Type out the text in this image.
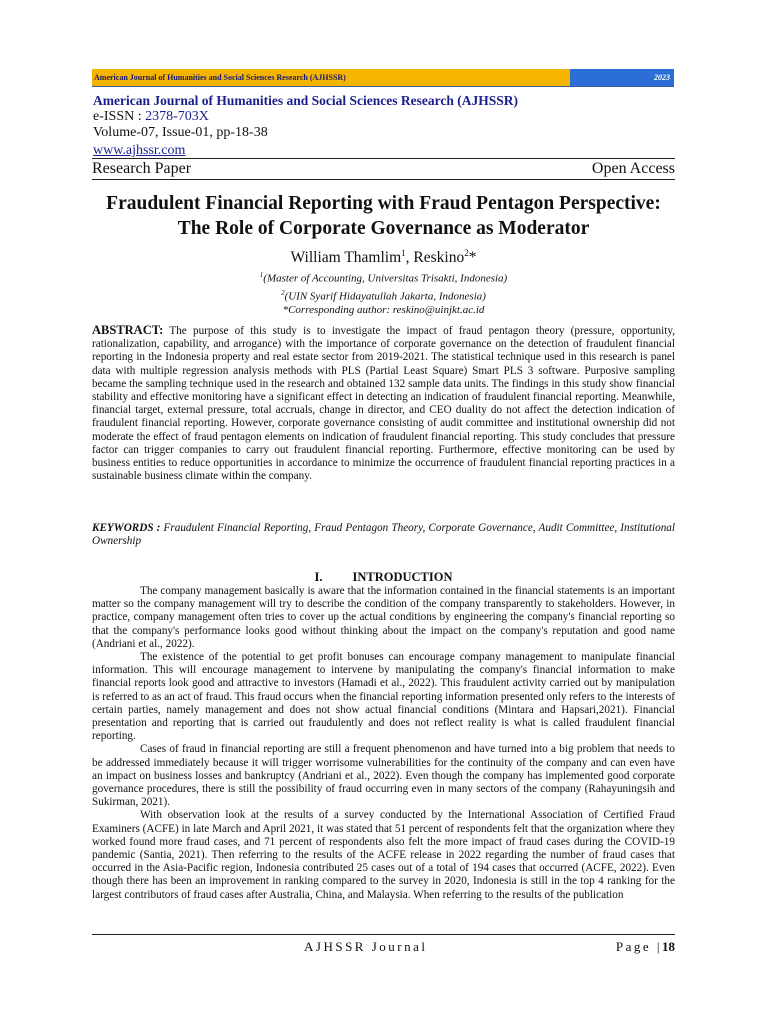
American Journal of Humanities and Social Sciences Research (AJHSSR)	2023
American Journal of Humanities and Social Sciences Research (AJHSSR)
e-ISSN : 2378-703X
Volume-07, Issue-01, pp-18-38
www.ajhssr.com
Research Paper	Open Access
Fraudulent Financial Reporting with Fraud Pentagon Perspective: The Role of Corporate Governance as Moderator
William Thamlim$^1$, Reskino$^2$*
$^1$(Master of Accounting, Universitas Trisakti, Indonesia)
$^2$(UIN Syarif Hidayatullah Jakarta, Indonesia)
*Corresponding author: reskino@uinjkt.ac.id
ABSTRACT: The purpose of this study is to investigate the impact of fraud pentagon theory (pressure, opportunity, rationalization, capability, and arrogance) with the importance of corporate governance on the detection of fraudulent financial reporting in the Indonesia property and real estate sector from 2019-2021. The statistical technique used in this research is panel data with multiple regression analysis methods with PLS (Partial Least Square) Smart PLS 3 software. Purposive sampling became the sampling technique used in the research and obtained 132 sample data units. The findings in this study show financial stability and effective monitoring have a significant effect in detecting an indication of fraudulent financial reporting. Meanwhile, financial target, external pressure, total accruals, change in director, and CEO duality do not affect the detection indication of fraudulent financial reporting. However, corporate governance consisting of audit committee and institutional ownership did not moderate the effect of fraud pentagon elements on indication of fraudulent financial reporting. This study concludes that pressure factor can trigger companies to carry out fraudulent financial reporting. Furthermore, effective monitoring can be used by business entities to reduce opportunities in accordance to minimize the occurrence of fraudulent financial reporting practices in a sustainable business climate within the company.
KEYWORDS : Fraudulent Financial Reporting, Fraud Pentagon Theory, Corporate Governance, Audit Committee, Institutional Ownership
I. INTRODUCTION

The company management basically is aware that the information contained in the financial statements is an important matter so the company management will try to describe the condition of the company transparently to stakeholders. However, in practice, company management often tries to cover up the actual conditions by engineering the company's financial reporting so that the company's performance looks good without thinking about the impact on the company's reputation and good name (Andriani et al., 2022).

The existence of the potential to get profit bonuses can encourage company management to manipulate financial information. This will encourage management to intervene by manipulating the company's financial information to make financial reports look good and attractive to investors (Hamadi et al., 2022). This fraudulent activity carried out by manipulation is referred to as an act of fraud. This fraud occurs when the financial reporting information presented only refers to the interests of certain parties, namely management and does not show actual financial conditions (Mintara and Hapsari,2021). Financial presentation and reporting that is carried out fraudulently and does not reflect reality is what is called fraudulent financial reporting.

Cases of fraud in financial reporting are still a frequent phenomenon and have turned into a big problem that needs to be addressed immediately because it will trigger worrisome vulnerabilities for the continuity of the company and can even have an impact on business losses and bankruptcy (Andriani et al., 2022). Even though the company has implemented good corporate governance procedures, there is still the possibility of fraud occurring even in many sectors of the company (Rahayuningsih and Sukirman, 2021).

With observation look at the results of a survey conducted by the International Association of Certified Fraud Examiners (ACFE) in late March and April 2021, it was stated that 51 percent of respondents felt that the organization where they worked found more fraud cases, and 71 percent of respondents also felt the more impact of fraud cases during the COVID-19 pandemic (Santia, 2021). Then referring to the results of the ACFE release in 2022 regarding the number of fraud cases that occurred in the Asia-Pacific region, Indonesia contributed 25 cases out of a total of 194 cases that occurred (ACFE, 2022). Even though there has been an improvement in ranking compared to the survey in 2020, Indonesia is still in the top 4 ranking for the largest contributors of fraud cases after Australia, China, and Malaysia. When referring to the results of the publication

AJHSSR Journal	Page |18
